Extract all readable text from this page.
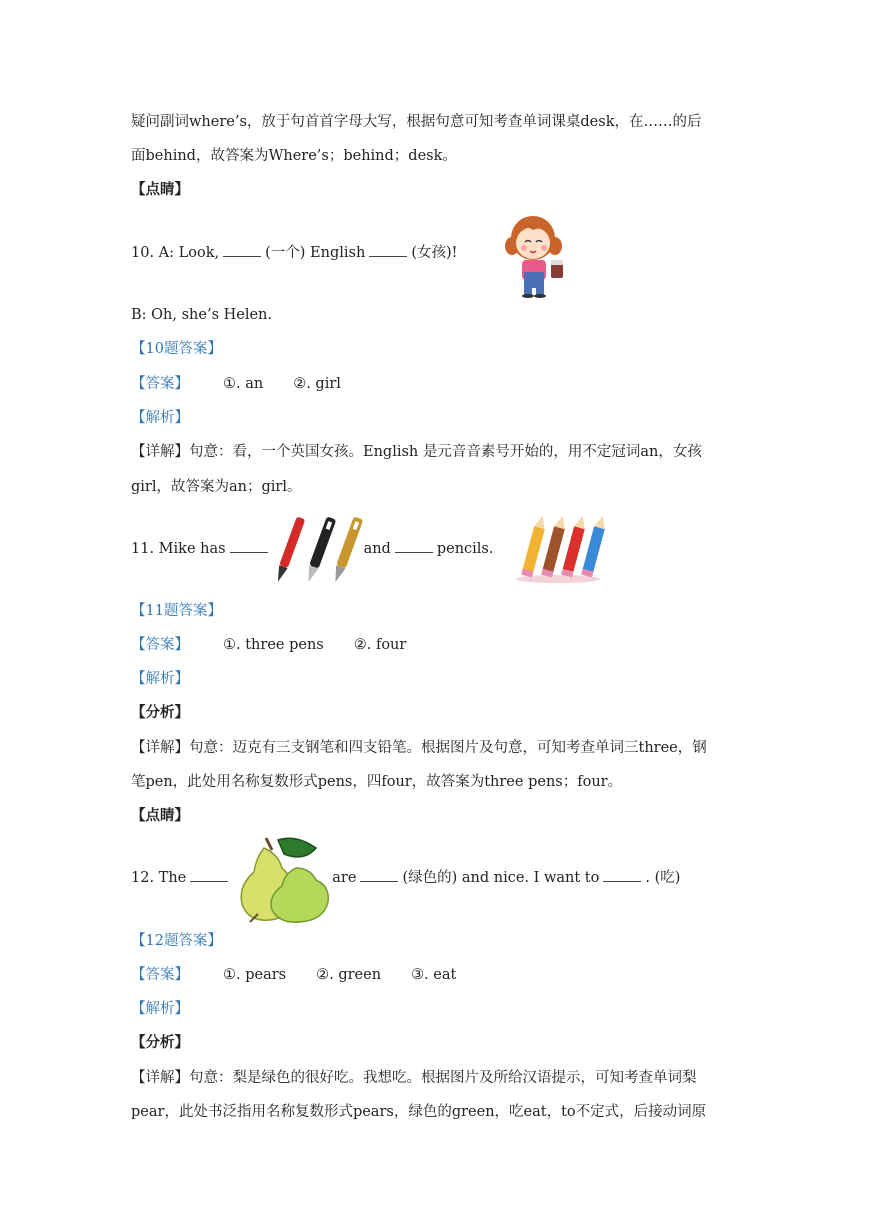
疑问副词where’s，放于句首首字母大写，根据句意可知考查单词课桌desk，在……的后
面behind，故答案为Where’s；behind；desk。
【点睛】
10. A: Look,	(一个) English	(女孩)!
B: Oh, she’s Helen.
【10题答案】
【答案】 ①. an ②. girl
【解析】
【详解】句意：看，一个英国女孩。English 是元音音素号开始的，用不定冠词an，女孩
girl，故答案为an；girl。
11. Mike has	and	pencils.
【11题答案】
【答案】 ①. three pens ②. four
【解析】
【分析】
【详解】句意：迈克有三支钢笔和四支铅笔。根据图片及句意，可知考查单词三three，钢
笔pen，此处用名称复数形式pens，四four，故答案为three pens；four。
【点睛】
12. The	are	(绿色的) and nice. I want to	. (吃)
【12题答案】
【答案】 ①. pears ②. green ③. eat
【解析】
【分析】
【详解】句意：梨是绿色的很好吃。我想吃。根据图片及所给汉语提示，可知考查单词梨
pear，此处书泛指用名称复数形式pears，绿色的green，吃eat，to不定式，后接动词原
